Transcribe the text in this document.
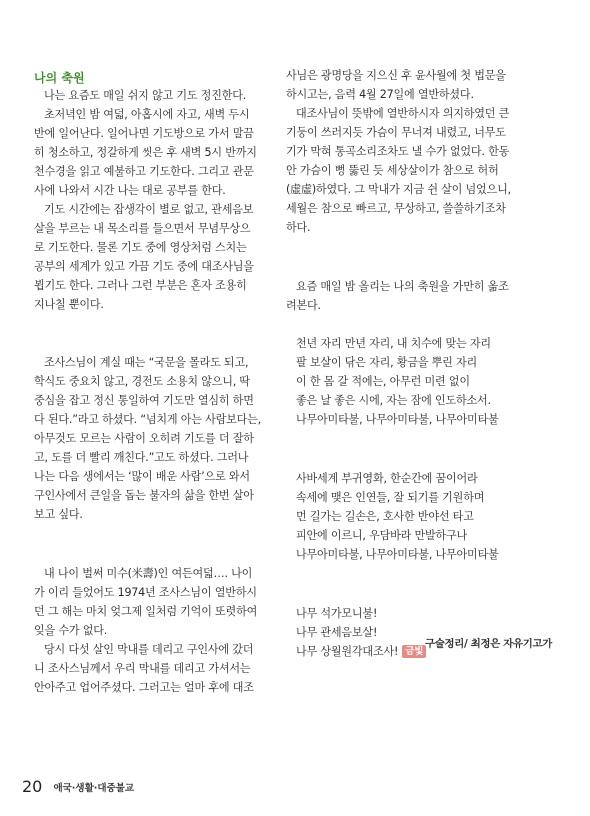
나의 축원
나는 요즘도 매일 쉬지 않고 기도 정진한다.
초저녁인 밤 여덟, 아홉시에 자고, 새벽 두시
반에 일어난다. 일어나면 기도방으로 가서 말끔
히 청소하고, 정갈하게 씻은 후 새벽 5시 반까지
천수경을 읽고 예불하고 기도한다. 그리고 관문
사에 나와서 시간 나는 대로 공부를 한다.
기도 시간에는 잡생각이 별로 없고, 관세음보
살을 부르는 내 목소리를 들으면서 무념무상으
로 기도한다. 물론 기도 중에 영상처럼 스치는
공부의 세계가 있고 가끔 기도 중에 대조사님을
뵙기도 한다. 그러나 그런 부분은 혼자 조용히
지나칠 뿐이다.
조사스님이 계실 때는 “국문을 몰라도 되고,
학식도 중요치 않고, 경전도 소용치 않으니, 딱
중심을 잡고 정신 통일하여 기도만 열심히 하면
다 된다.”라고 하셨다. “넘치게 아는 사람보다는,
아무것도 모르는 사람이 오히려 기도를 더 잘하
고, 도를 더 빨리 깨친다.”고도 하셨다. 그러나
나는 다음 생에서는 ‘많이 배운 사람’으로 와서
구인사에서 큰일을 돕는 불자의 삶을 한번 살아
보고 싶다.
내 나이 벌써 미수(米壽)인 여든여덟…. 나이
가 이리 들었어도 1974년 조사스님이 열반하시
던 그 해는 마치 엊그제 일처럼 기억이 또렷하여
잊을 수가 없다.
당시 다섯 살인 막내를 데리고 구인사에 갔더
니 조사스님께서 우리 막내를 데리고 가셔서는
안아주고 업어주셨다. 그러고는 얼마 후에 대조
사님은 광명당을 지으신 후 윤사월에 첫 법문을
하시고는, 음력 4월 27일에 열반하셨다.
대조사님이 뜻밖에 열반하시자 의지하였던 큰
기둥이 쓰러지듯 가슴이 무너져 내렸고, 너무도
기가 막혀 통곡소리조차도 낼 수가 없었다. 한동
안 가슴이 뻥 뚫린 듯 세상살이가 참으로 허허
(虛虛)하였다. 그 막내가 지금 쉰 살이 넘었으니,
세월은 참으로 빠르고, 무상하고, 쓸쓸하기조차
하다.
요즘 매일 밤 올리는 나의 축원을 가만히 옮조
려본다.
천년 자리 만년 자리, 내 치수에 맞는 자리
팔 보살이 닦은 자리, 황금을 뿌린 자리
이 한 몸 갈 적에는, 아무런 미련 없이
좋은 날 좋은 시에, 자는 잠에 인도하소서.
나무아미타불, 나무아미타불, 나무아미타불
사바세계 부귀영화, 한순간에 꿈이어라
속세에 맺은 인연들, 잘 되기를 기원하며
먼 길가는 길손은, 호사한 반야선 타고
피안에 이르니, 우담바라 만발하구나
나무아미타불, 나무아미타불, 나무아미타불
나무 석가모니불!
나무 관세음보살!
나무 상월원각대조사! 금빛
구술정리/ 최정은 자유기고가
20 애국·생활·대중불교
